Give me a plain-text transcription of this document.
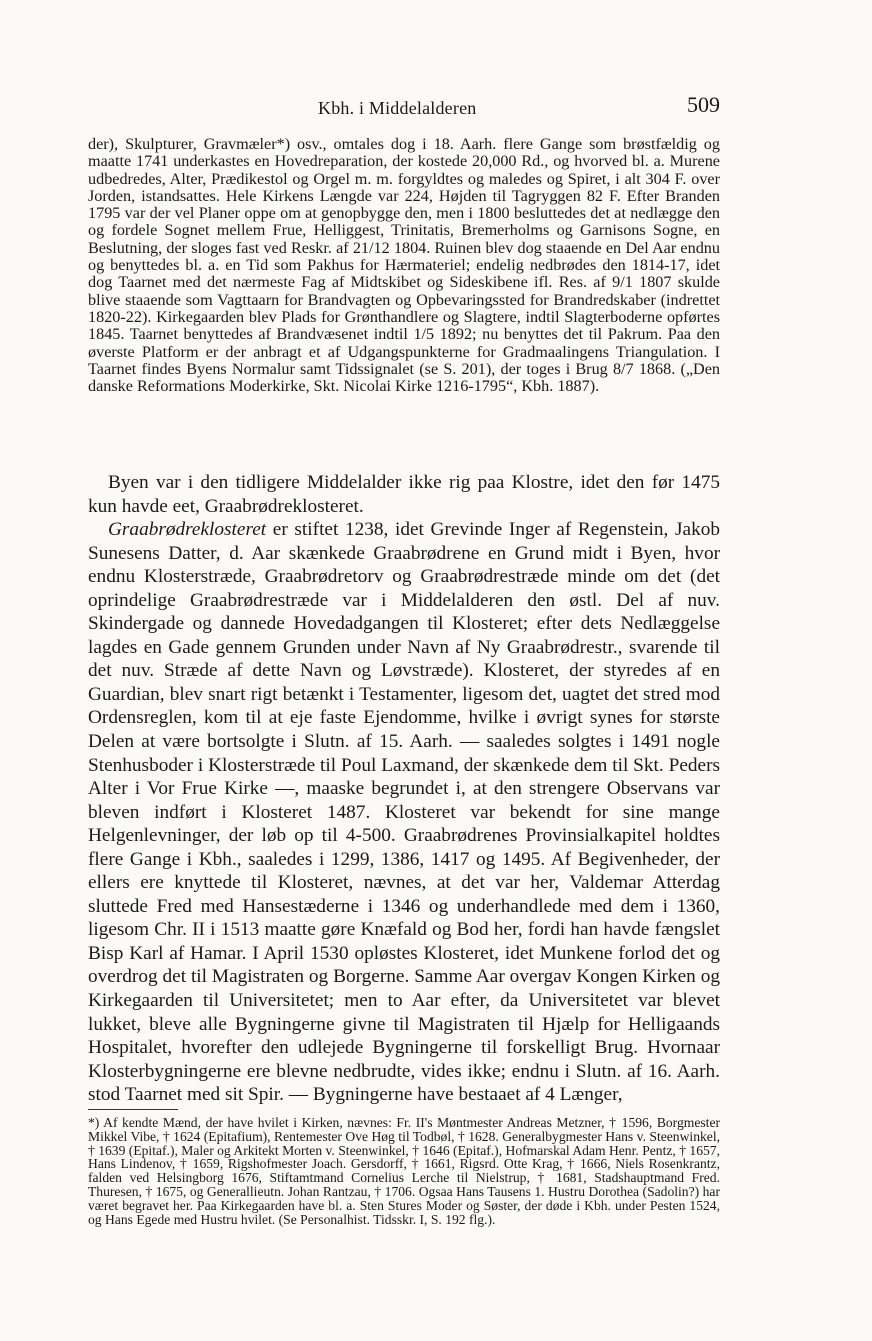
Kbh. i Middelalderen	509
der), Skulpturer, Gravmæler*) osv., omtales dog i 18. Aarh. flere Gange som brøstfældig og maatte 1741 underkastes en Hovedreparation, der kostede 20,000 Rd., og hvorved bl. a. Murene udbedredes, Alter, Prædikestol og Orgel m. m. forgyldtes og maledes og Spiret, i alt 304 F. over Jorden, istandsattes. Hele Kirkens Længde var 224, Højden til Tagryggen 82 F. Efter Branden 1795 var der vel Planer oppe om at genopbygge den, men i 1800 besluttedes det at nedlægge den og fordele Sognet mellem Frue, Helliggest, Trinitatis, Bremerholms og Garnisons Sogne, en Beslutning, der sloges fast ved Reskr. af 21/12 1804. Ruinen blev dog staaende en Del Aar endnu og benyttedes bl. a. en Tid som Pakhus for Hærmateriel; endelig nedbrødes den 1814-17, idet dog Taarnet med det nærmeste Fag af Midtskibet og Sideskibene ifl. Res. af 9/1 1807 skulde blive staaende som Vagttaarn for Brandvagten og Opbevaringssted for Brandredskaber (indrettet 1820-22). Kirkegaarden blev Plads for Grønthandlere og Slagtere, indtil Slagterboderne opførtes 1845. Taarnet benyttedes af Brandvæsenet indtil 1/5 1892; nu benyttes det til Pakrum. Paa den øverste Platform er der anbragt et af Udgangspunkterne for Gradmaalingens Triangulation. I Taarnet findes Byens Normalur samt Tidssignalet (se S. 201), der toges i Brug 8/7 1868. („Den danske Reformations Moderkirke, Skt. Nicolai Kirke 1216-1795“, Kbh. 1887).

Byen var i den tidligere Middelalder ikke rig paa Klostre, idet den før 1475 kun havde eet, Graabrødreklosteret.

Graabrødreklosteret er stiftet 1238, idet Grevinde Inger af Regenstein, Jakob Sunesens Datter, d. Aar skænkede Graabrødrene en Grund midt i Byen, hvor endnu Klosterstræde, Graabrødretorv og Graabrødrestræde minde om det (det oprindelige Graabrødrestræde var i Middelalderen den østl. Del af nuv. Skindergade og dannede Hovedadgangen til Klosteret; efter dets Nedlæggelse lagdes en Gade gennem Grunden under Navn af Ny Graabrødrestr., svarende til det nuv. Stræde af dette Navn og Løvstræde). Klosteret, der styredes af en Guardian, blev snart rigt betænkt i Testamenter, ligesom det, uagtet det stred mod Ordensreglen, kom til at eje faste Ejendomme, hvilke i øvrigt synes for største Delen at være bortsolgte i Slutn. af 15. Aarh. — saaledes solgtes i 1491 nogle Stenhusboder i Klosterstræde til Poul Laxmand, der skænkede dem til Skt. Peders Alter i Vor Frue Kirke —, maaske begrundet i, at den strengere Observans var bleven indført i Klosteret 1487. Klosteret var bekendt for sine mange Helgenlevninger, der løb op til 4-500. Graabrødrenes Provinsialkapitel holdtes flere Gange i Kbh., saaledes i 1299, 1386, 1417 og 1495. Af Begivenheder, der ellers ere knyttede til Klosteret, nævnes, at det var her, Valdemar Atterdag sluttede Fred med Hansestæderne i 1346 og underhandlede med dem i 1360, ligesom Chr. II i 1513 maatte gøre Knæfald og Bod her, fordi han havde fængslet Bisp Karl af Hamar. I April 1530 opløstes Klosteret, idet Munkene forlod det og overdrog det til Magistraten og Borgerne. Samme Aar overgav Kongen Kirken og Kirkegaarden til Universitetet; men to Aar efter, da Universitetet var blevet lukket, bleve alle Bygningerne givne til Magistraten til Hjælp for Helligaands Hospitalet, hvorefter den udlejede Bygningerne til forskelligt Brug. Hvornaar Klosterbygningerne ere blevne nedbrudte, vides ikke; endnu i Slutn. af 16. Aarh. stod Taarnet med sit Spir. — Bygningerne have bestaaet af 4 Længer,

*) Af kendte Mænd, der have hvilet i Kirken, nævnes: Fr. II's Møntmester Andreas Metzner, † 1596, Borgmester Mikkel Vibe, † 1624 (Epitafium), Rentemester Ove Høg til Todbøl, † 1628. Generalbygmester Hans v. Steenwinkel, † 1639 (Epitaf.), Maler og Arkitekt Morten v. Steenwinkel, † 1646 (Epitaf.), Hofmarskal Adam Henr. Pentz, † 1657, Hans Lindenov, † 1659, Rigshofmester Joach. Gersdorff, † 1661, Rigsrd. Otte Krag, † 1666, Niels Rosenkrantz, falden ved Helsingborg 1676, Stiftamtmand Cornelius Lerche til Nielstrup, † 1681, Stadshauptmand Fred. Thuresen, † 1675, og Generallieutn. Johan Rantzau, † 1706. Ogsaa Hans Tausens 1. Hustru Dorothea (Sadolin?) har været begravet her. Paa Kirkegaarden have bl. a. Sten Stures Moder og Søster, der døde i Kbh. under Pesten 1524, og Hans Egede med Hustru hvilet. (Se Personalhist. Tidsskr. I, S. 192 flg.).
